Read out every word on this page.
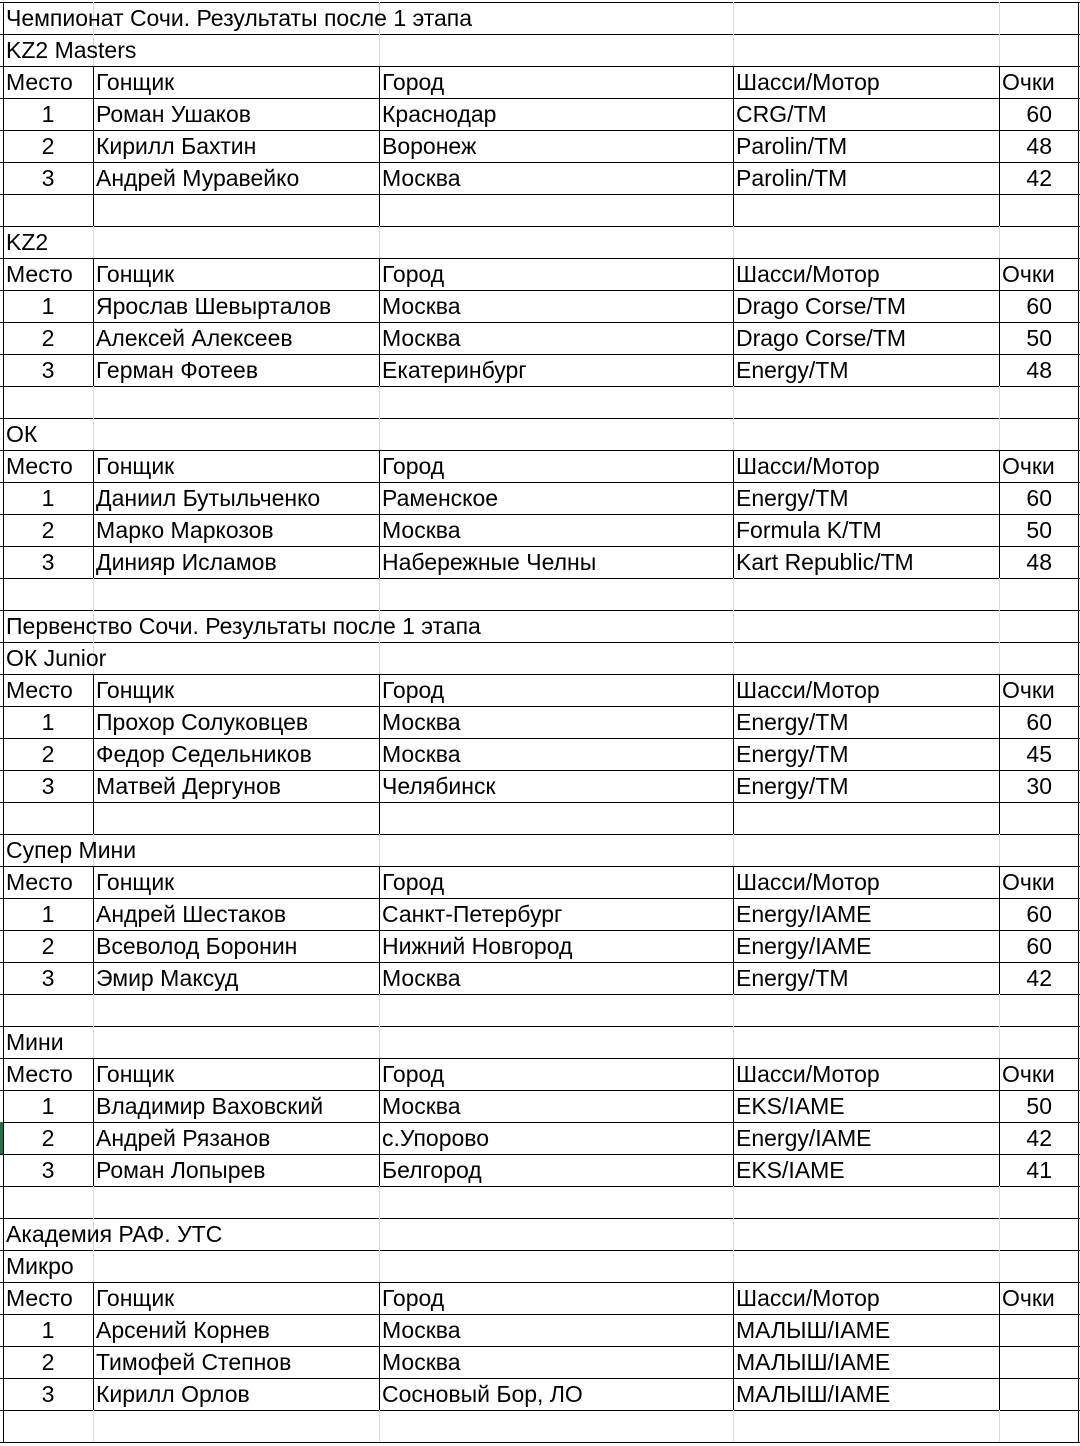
Чемпионат Сочи. Результаты после 1 этапа
KZ2 Masters
Место	Гонщик	Город	Шасси/Мотор	Очки
1	Роман Ушаков	Краснодар	CRG/TM	60
2	Кирилл Бахтин	Воронеж	Parolin/TM	48
3	Андрей Муравейко	Москва	Parolin/TM	42
KZ2
Место	Гонщик	Город	Шасси/Мотор	Очки
1	Ярослав Шевырталов	Москва	Drago Corse/TM	60
2	Алексей Алексеев	Москва	Drago Corse/TM	50
3	Герман Фотеев	Екатеринбург	Energy/TM	48
ОК
Место	Гонщик	Город	Шасси/Мотор	Очки
1	Даниил Бутыльченко	Раменское	Energy/TM	60
2	Марко Маркозов	Москва	Formula K/TM	50
3	Динияр Исламов	Набережные Челны	Kart Republic/TM	48
Первенство Сочи. Результаты после 1 этапа
ОК Junior
Место	Гонщик	Город	Шасси/Мотор	Очки
1	Прохор Солуковцев	Москва	Energy/TM	60
2	Федор Седельников	Москва	Energy/TM	45
3	Матвей Дергунов	Челябинск	Energy/TM	30
Супер Мини
Место	Гонщик	Город	Шасси/Мотор	Очки
1	Андрей Шестаков	Санкт-Петербург	Energy/IAME	60
2	Всеволод Боронин	Нижний Новгород	Energy/IAME	60
3	Эмир Максуд	Москва	Energy/TM	42
Мини
Место	Гонщик	Город	Шасси/Мотор	Очки
1	Владимир Ваховский	Москва	EKS/IAME	50
2	Андрей Рязанов	с.Упорово	Energy/IAME	42
3	Роман Лопырев	Белгород	EKS/IAME	41
Академия РАФ. УТС
Микро
Место	Гонщик	Город	Шасси/Мотор	Очки
1	Арсений Корнев	Москва	МАЛЫШ/IAME
2	Тимофей Степнов	Москва	МАЛЫШ/IAME
3	Кирилл Орлов	Сосновый Бор, ЛО	МАЛЫШ/IAME
